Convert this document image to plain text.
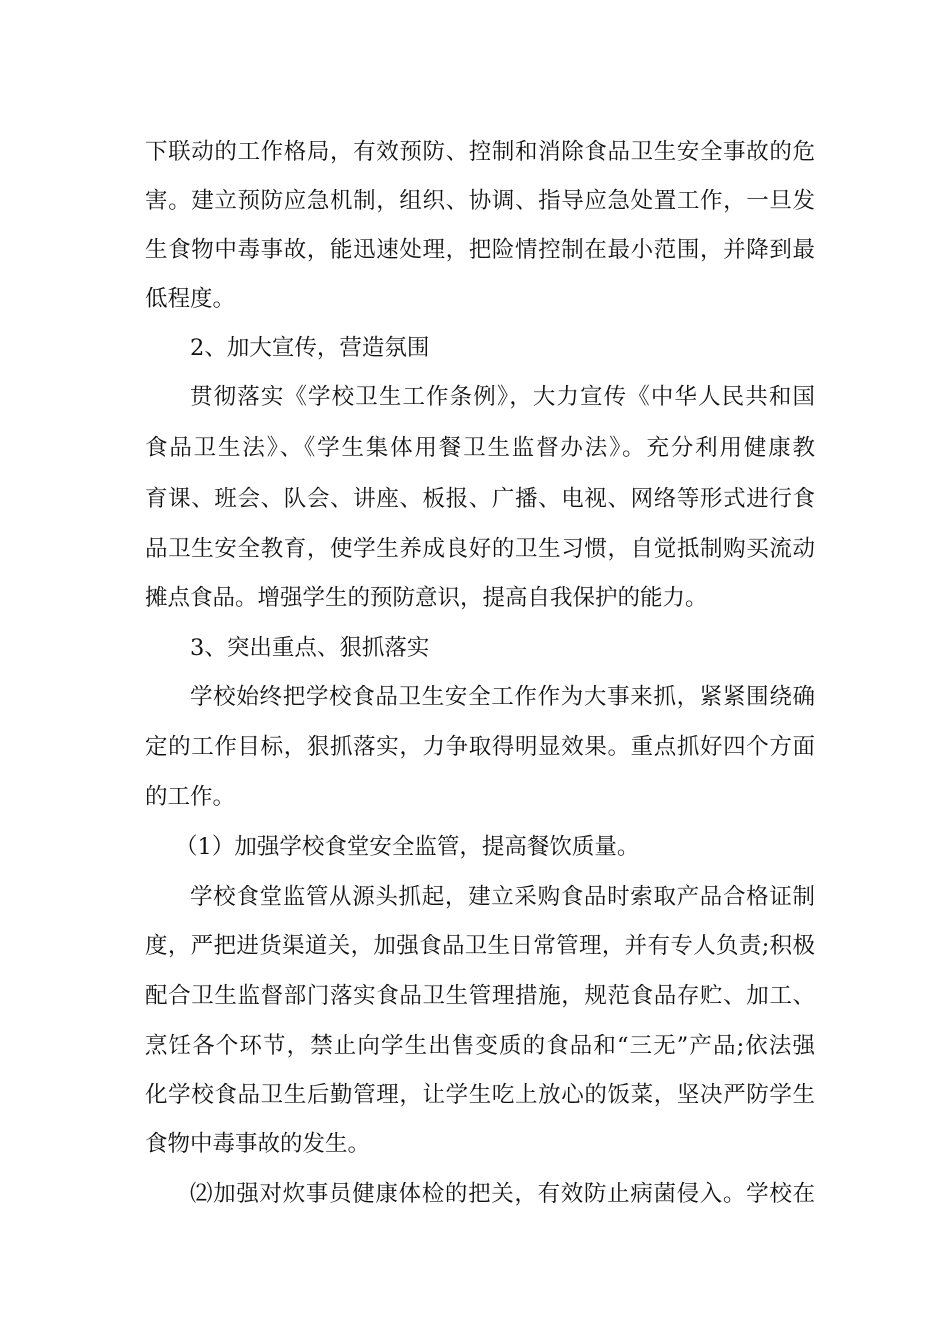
下联动的工作格局，有效预防、控制和消除食品卫生安全事故的危
害。建立预防应急机制，组织、协调、指导应急处置工作，一旦发
生食物中毒事故，能迅速处理，把险情控制在最小范围，并降到最
低程度。
2、加大宣传，营造氛围
贯彻落实《学校卫生工作条例》，大力宣传《中华人民共和国
食品卫生法》、《学生集体用餐卫生监督办法》。充分利用健康教
育课、班会、队会、讲座、板报、广播、电视、网络等形式进行食
品卫生安全教育，使学生养成良好的卫生习惯，自觉抵制购买流动
摊点食品。增强学生的预防意识，提高自我保护的能力。
3、突出重点、狠抓落实
学校始终把学校食品卫生安全工作作为大事来抓，紧紧围绕确
定的工作目标，狠抓落实，力争取得明显效果。重点抓好四个方面
的工作。
（1）加强学校食堂安全监管，提高餐饮质量。
学校食堂监管从源头抓起，建立采购食品时索取产品合格证制
度，严把进货渠道关，加强食品卫生日常管理，并有专人负责;积极
配合卫生监督部门落实食品卫生管理措施，规范食品存贮、加工、
烹饪各个环节，禁止向学生出售变质的食品和“三无”产品;依法强
化学校食品卫生后勤管理，让学生吃上放心的饭菜，坚决严防学生
食物中毒事故的发生。
⑵加强对炊事员健康体检的把关，有效防止病菌侵入。学校在
